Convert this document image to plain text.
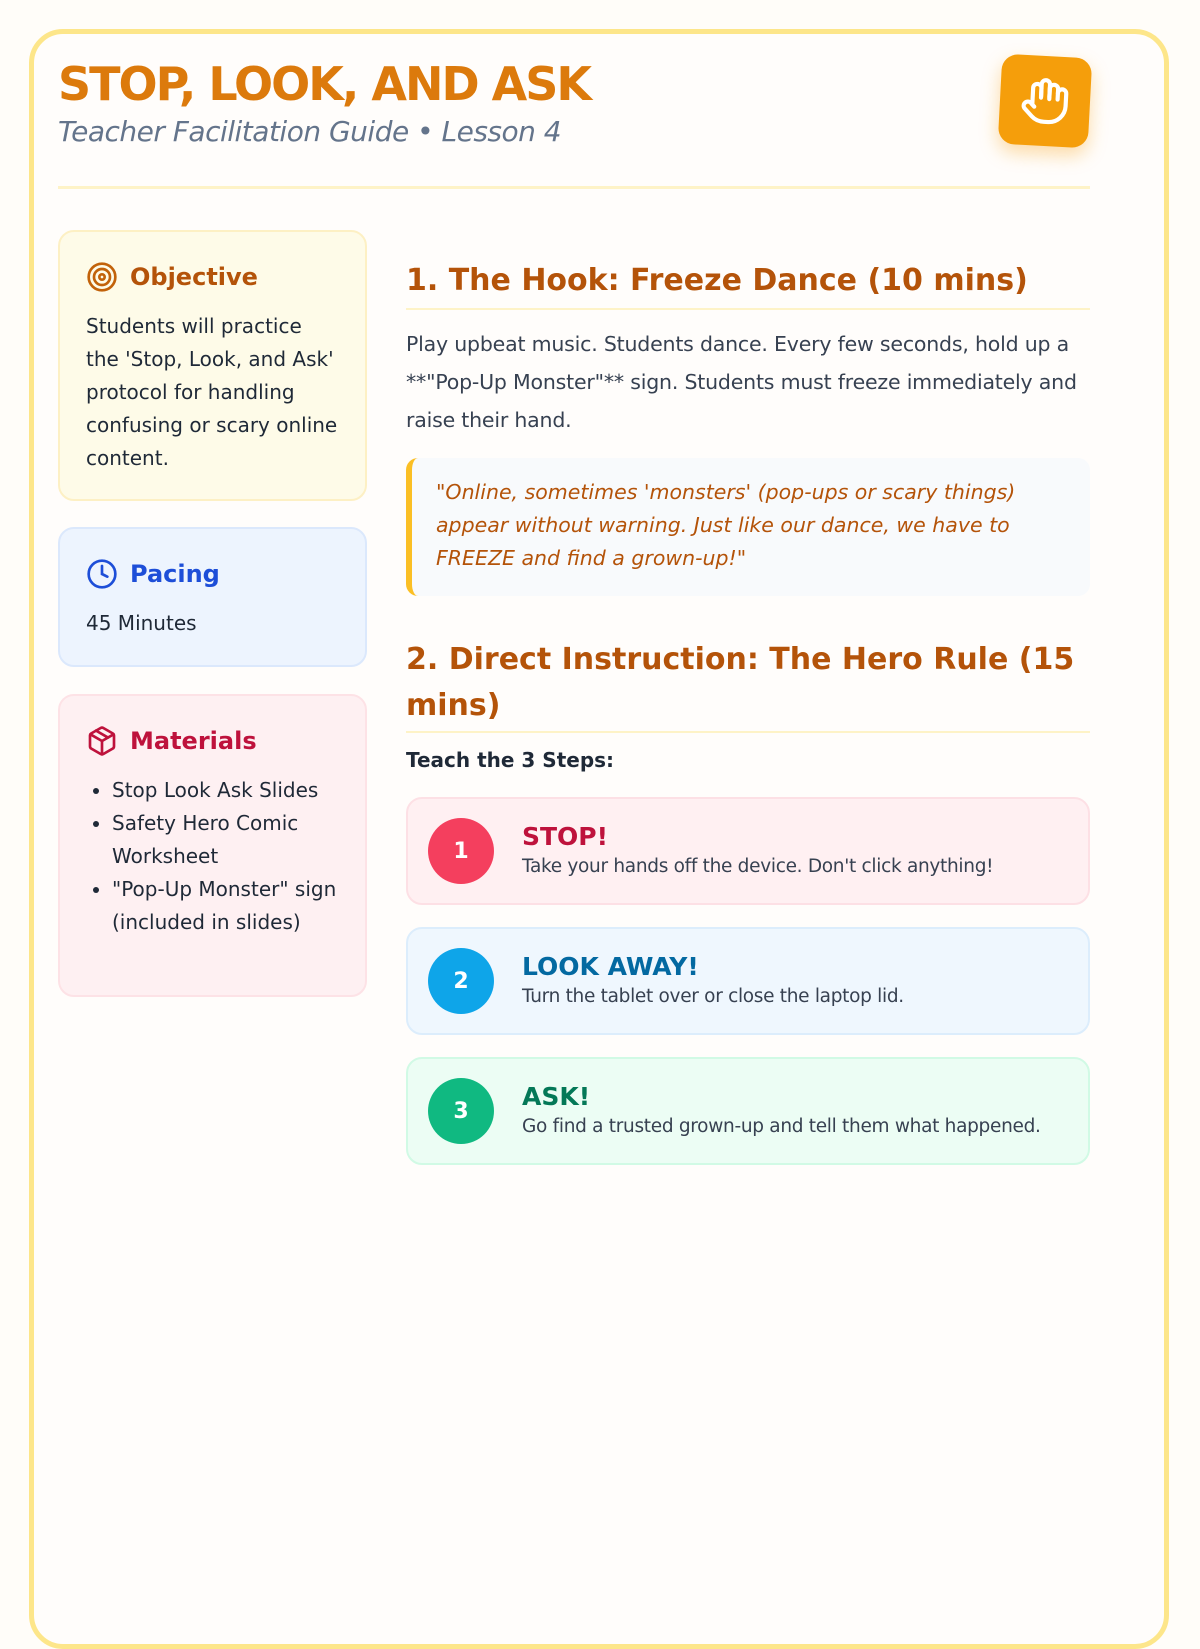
STOP, LOOK, AND ASK
Teacher Facilitation Guide • Lesson 4
Objective
Students will practice the 'Stop, Look, and Ask' protocol for handling confusing or scary online content.
Pacing
45 Minutes
Materials
• Stop Look Ask Slides
• Safety Hero Comic Worksheet
• "Pop-Up Monster" sign (included in slides)
1. The Hook: Freeze Dance (10 mins)
Play upbeat music. Students dance. Every few seconds, hold up a **"Pop-Up Monster"** sign. Students must freeze immediately and raise their hand.
"Online, sometimes 'monsters' (pop-ups or scary things) appear without warning. Just like our dance, we have to FREEZE and find a grown-up!"
2. Direct Instruction: The Hero Rule (15 mins)
Teach the 3 Steps:
1	STOP!
Take your hands off the device. Don't click anything!
2	LOOK AWAY!
Turn the tablet over or close the laptop lid.
3	ASK!
Go find a trusted grown-up and tell them what happened.
